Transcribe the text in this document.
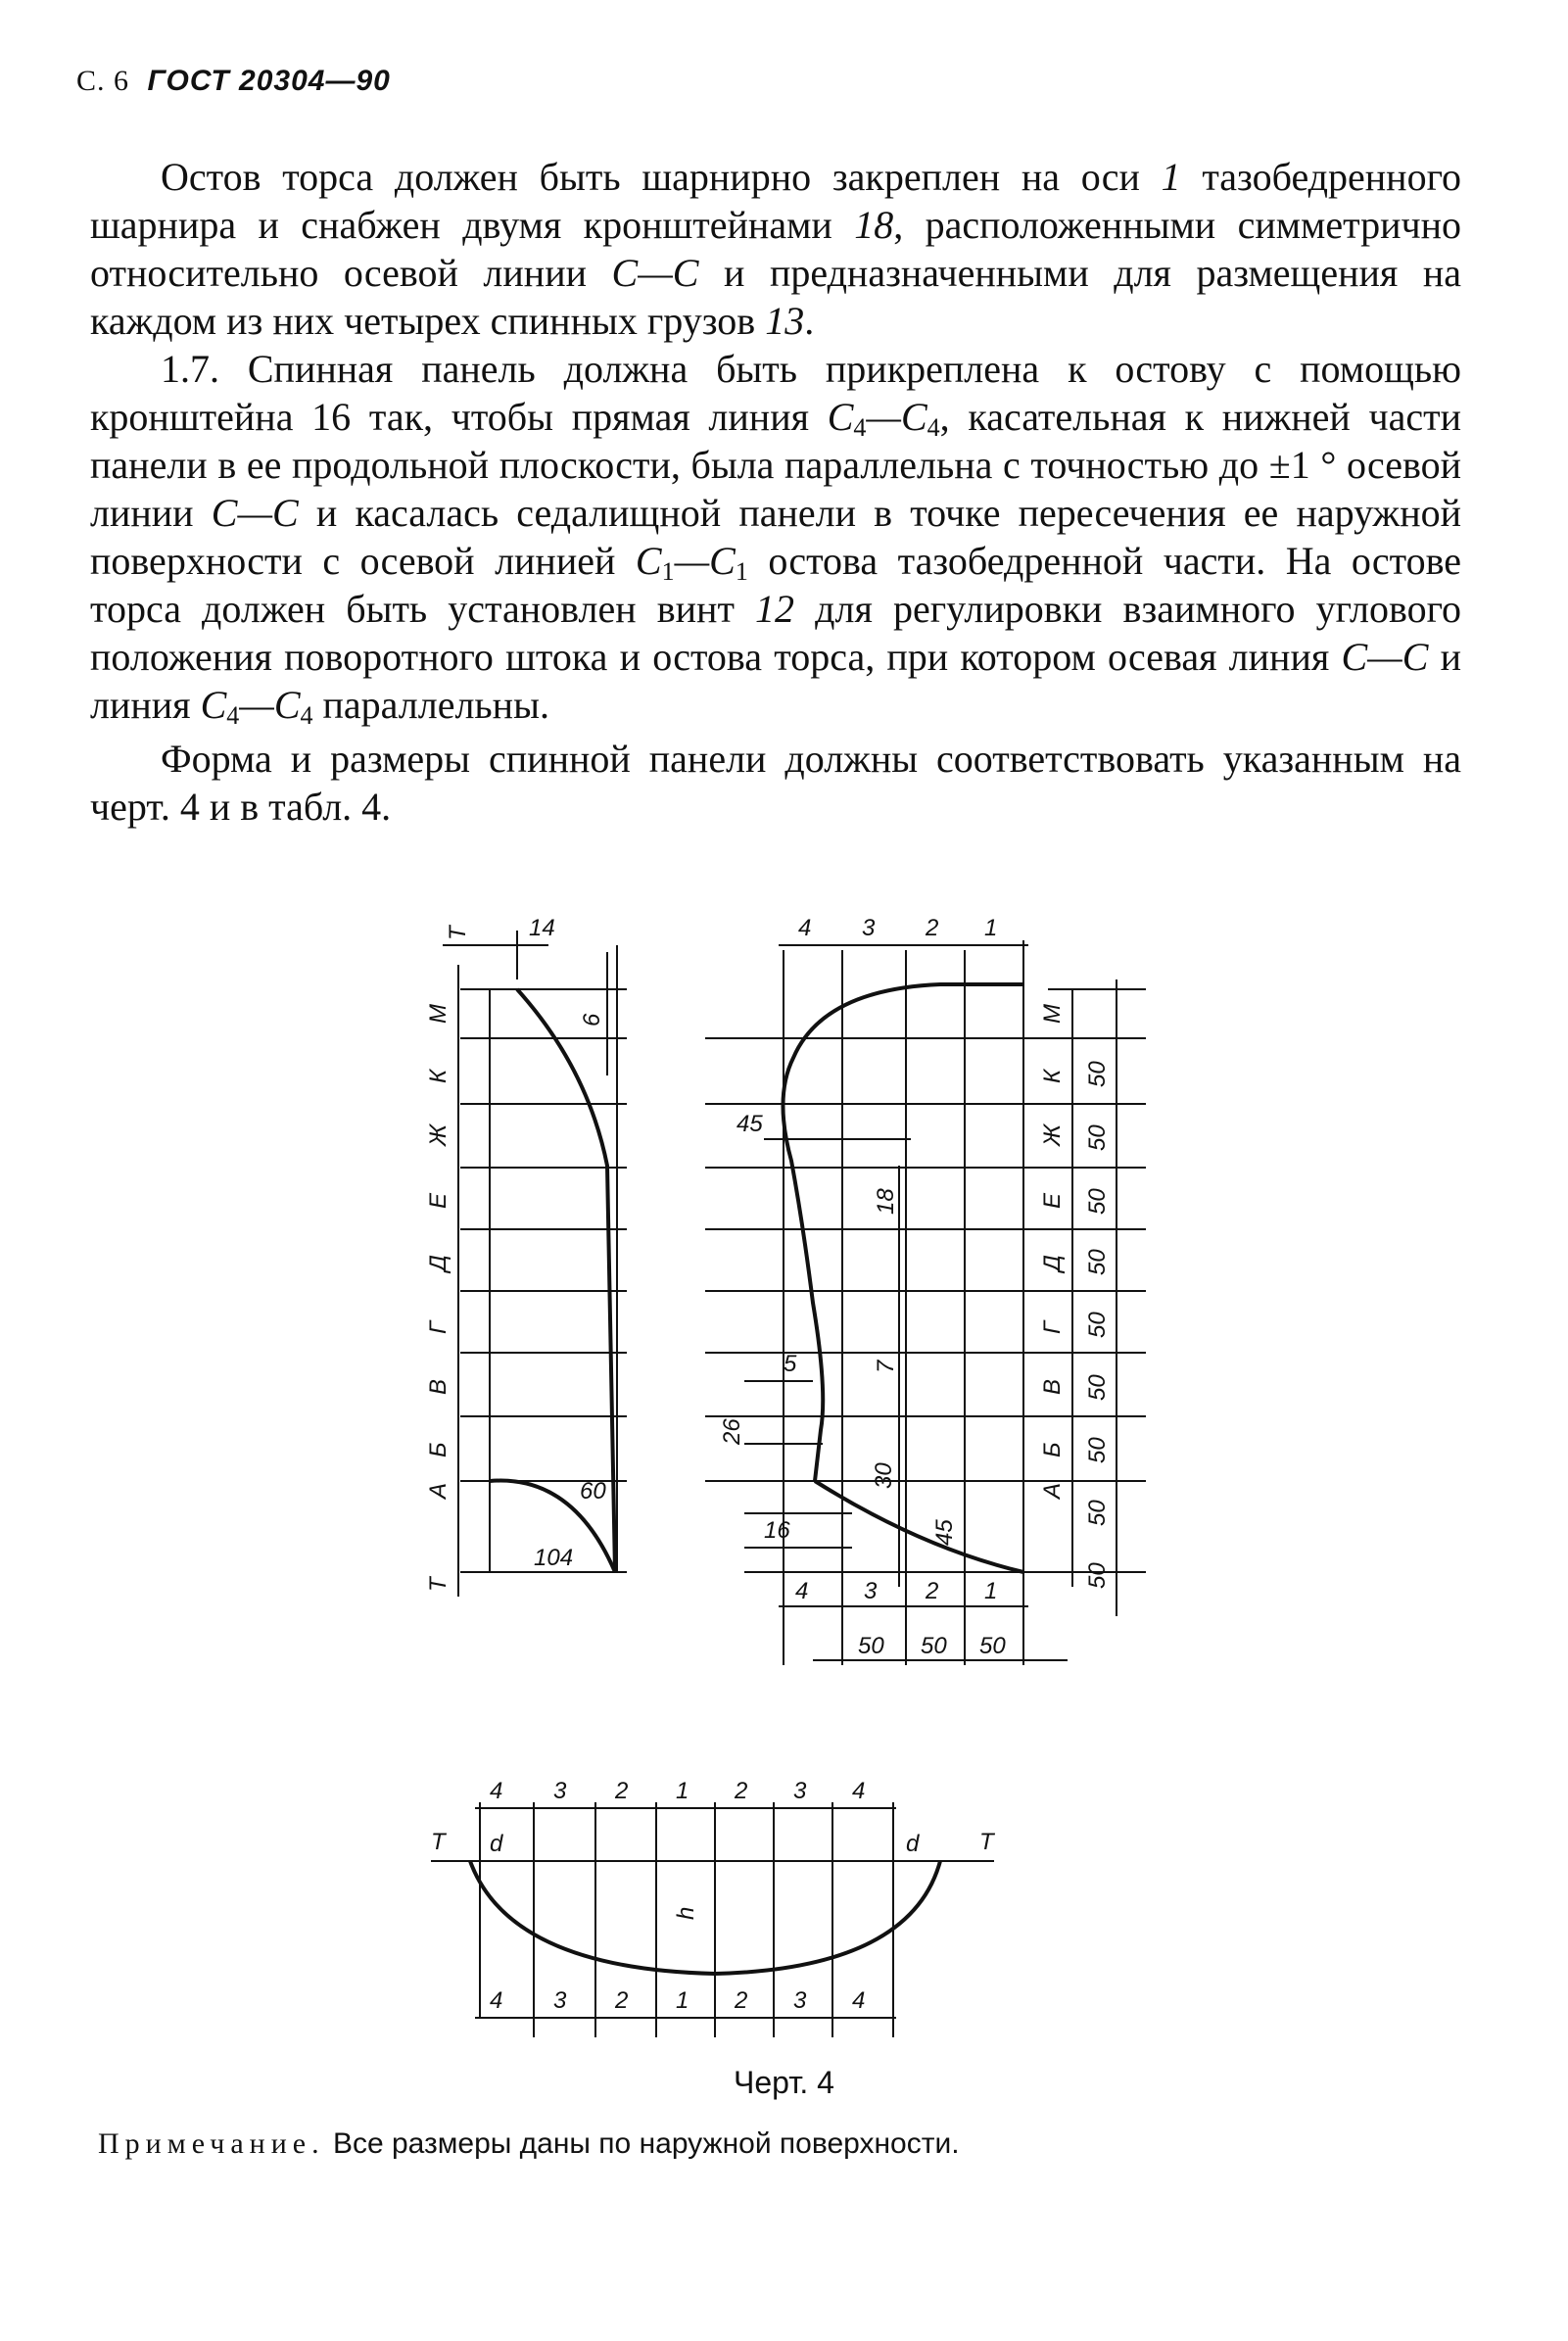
С. 6 ГОСТ 20304—90

Остов торса должен быть шарнирно закреплен на оси 1 тазобедренного шарнира и снабжен двумя кронштейнами 18, расположенными симметрично относительно осевой линии С—С и предназначенными для размещения на каждом из них четырех спинных грузов 13.

1.7. Спинная панель должна быть прикреплена к остову с помощью кронштейна 16 так, чтобы прямая линия $С_4—С_4$, касательная к нижней части панели в ее продольной плоскости, была параллельна с точностью до ±1 ° осевой линии С—С и касалась седалищной панели в точке пересечения ее наружной поверхности с осевой линией $С_1—С_1$ остова тазобедренной части. На остове торса должен быть установлен винт 12 для регулировки взаимного углового положения поворотного штока и остова торса, при котором осевая линия С—С и линия $С_4—С_4$ параллельны.

Форма и размеры спинной панели должны соответствовать указанным на черт. 4 и в табл. 4.

М
К
Ж
Е
Д
Г
В
Б
А
Т
Т 14
6
60
104
4 3 2 1
М
К
Ж
Е
Д
Г
В
Б
А
50
50
50
50
50
50
50
50
50
45
18
5	7
26
30
16	45
4 3 2 1
50 50 50
4 3 2 1 2 3 4
Т	Т
d	d
h
4 3 2 1 2 3 4
Черт. 4
Примечание. Все размеры даны по наружной поверхности.
